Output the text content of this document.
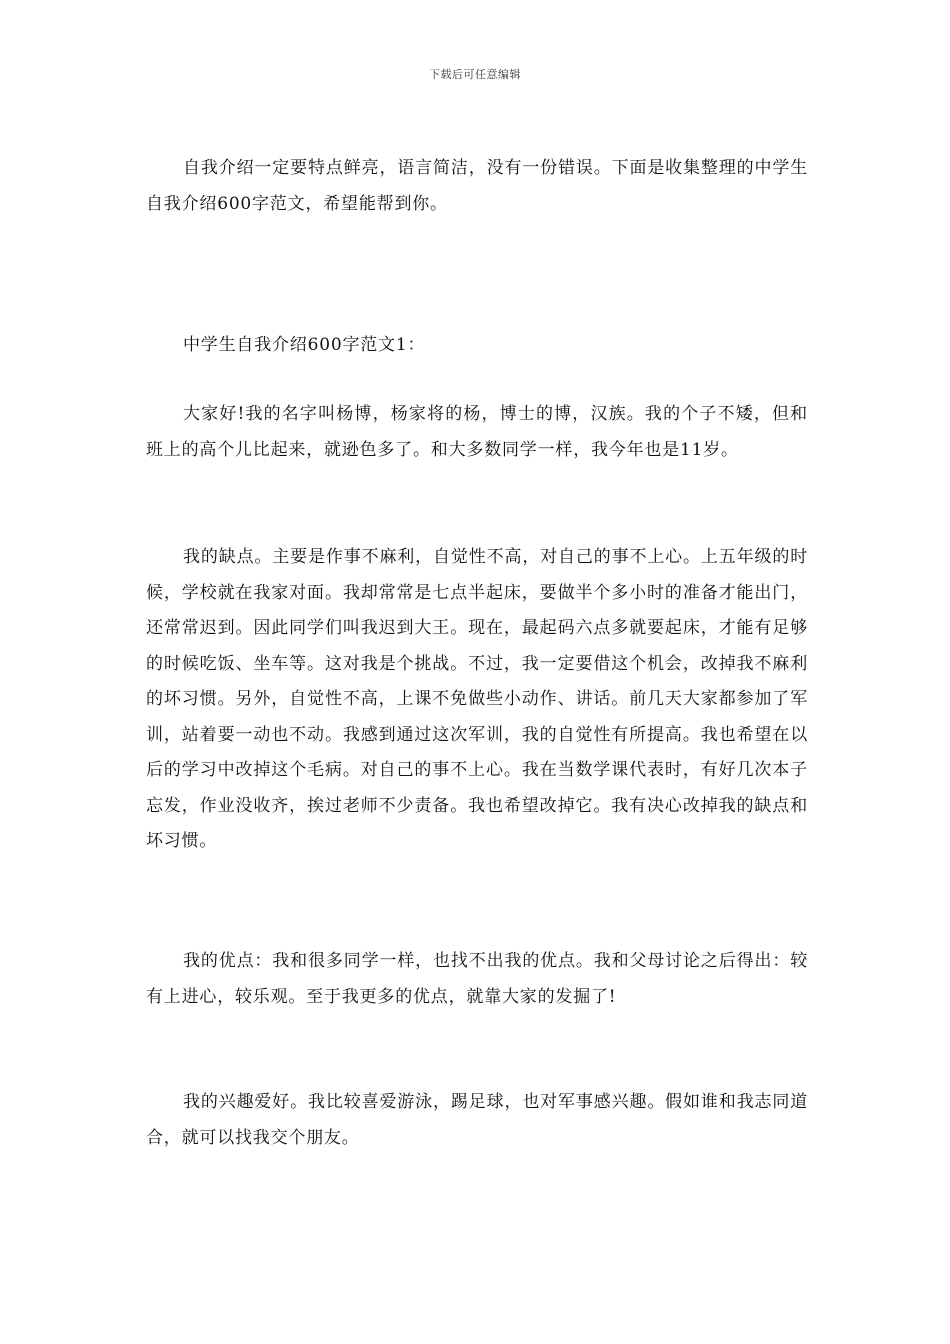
下载后可任意编辑

自我介绍一定要特点鲜亮，语言简洁，没有一份错误。下面是收集整理的中学生自我介绍600字范文，希望能帮到你。

中学生自我介绍600字范文1：

大家好!我的名字叫杨博，杨家将的杨，博士的博，汉族。我的个子不矮，但和班上的高个儿比起来，就逊色多了。和大多数同学一样，我今年也是11岁。

我的缺点。主要是作事不麻利，自觉性不高，对自己的事不上心。上五年级的时候，学校就在我家对面。我却常常是七点半起床，要做半个多小时的准备才能出门，还常常迟到。因此同学们叫我迟到大王。现在，最起码六点多就要起床，才能有足够的时候吃饭、坐车等。这对我是个挑战。不过，我一定要借这个机会，改掉我不麻利的坏习惯。另外，自觉性不高，上课不免做些小动作、讲话。前几天大家都参加了军训，站着要一动也不动。我感到通过这次军训，我的自觉性有所提高。我也希望在以后的学习中改掉这个毛病。对自己的事不上心。我在当数学课代表时，有好几次本子忘发，作业没收齐，挨过老师不少责备。我也希望改掉它。我有决心改掉我的缺点和坏习惯。

我的优点：我和很多同学一样，也找不出我的优点。我和父母讨论之后得出：较有上进心，较乐观。至于我更多的优点，就靠大家的发掘了!

我的兴趣爱好。我比较喜爱游泳，踢足球，也对军事感兴趣。假如谁和我志同道合，就可以找我交个朋友。
